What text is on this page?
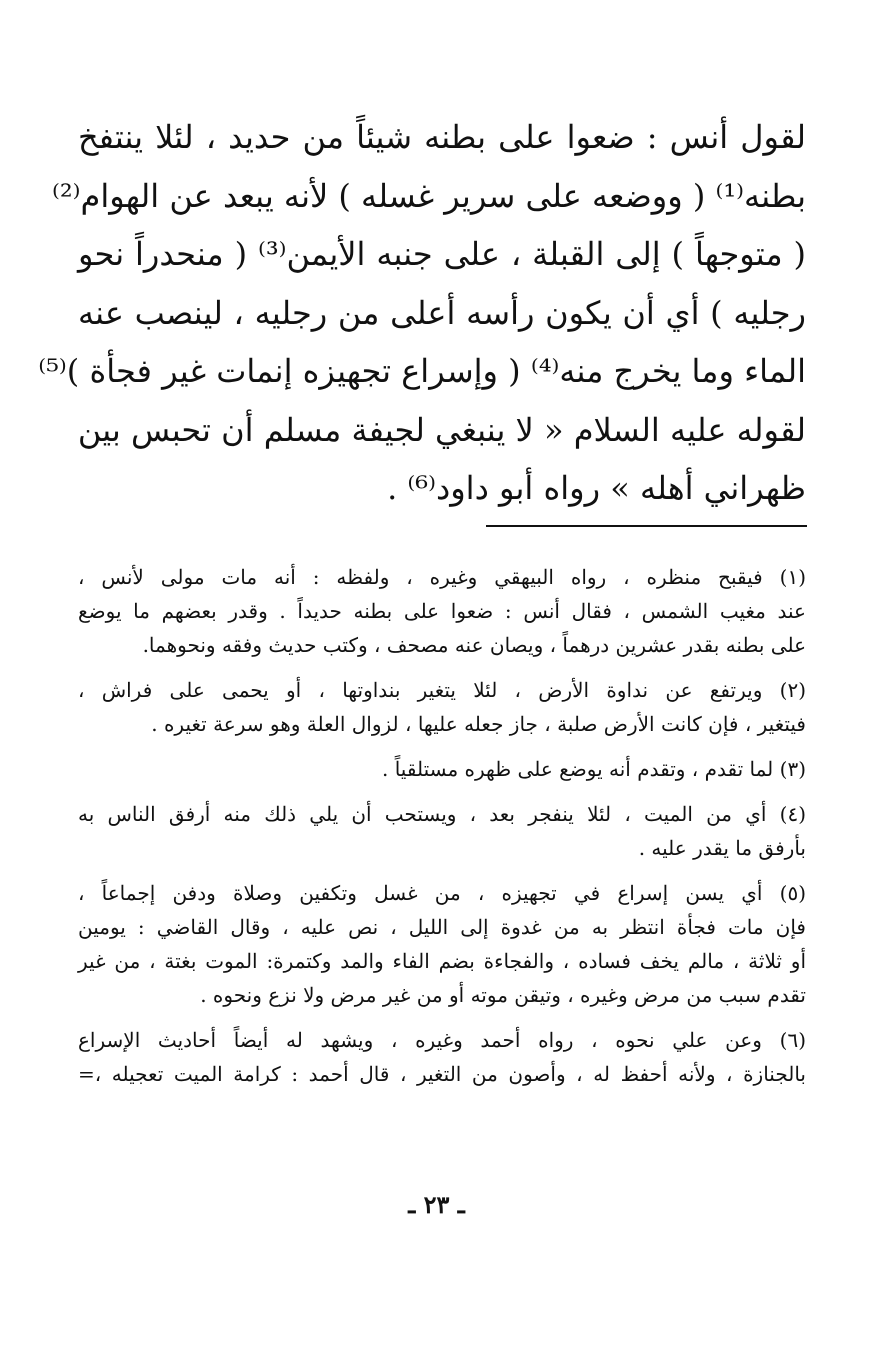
لقول أنس : ضعوا على بطنه شيئاً من حديد ، لئلا ينتفخ
بطنه⁽¹⁾ ( ووضعه على سرير غسله ) لأنه يبعد عن الهوام⁽²⁾
( متوجهاً ) إلى القبلة ، على جنبه الأيمن⁽³⁾ ( منحدراً نحو
رجليه ) أي أن يكون رأسه أعلى من رجليه ، لينصب عنه
الماء وما يخرج منه⁽⁴⁾ ( وإسراع تجهيزه إنمات غير فجأة )⁽⁵⁾
لقوله عليه السلام « لا ينبغي لجيفة مسلم أن تحبس بين
ظهراني أهله » رواه أبو داود⁽⁶⁾ .
(١) فيقبح منظره ، رواه البيهقي وغيره ، ولفظه : أنه مات مولى لأنس ،
عند مغيب الشمس ، فقال أنس : ضعوا على بطنه حديداً . وقدر بعضهم ما يوضع
على بطنه بقدر عشرين درهماً ، ويصان عنه مصحف ، وكتب حديث وفقه ونحوهما.
(٢) ويرتفع عن نداوة الأرض ، لئلا يتغير بنداوتها ، أو يحمى على فراش ،
فيتغير ، فإن كانت الأرض صلبة ، جاز جعله عليها ، لزوال العلة وهو سرعة تغيره .
(٣) لما تقدم ، وتقدم أنه يوضع على ظهره مستلقياً .
(٤) أي من الميت ، لئلا ينفجر بعد ، ويستحب أن يلي ذلك منه أرفق الناس به
بأرفق ما يقدر عليه .
(٥) أي يسن إسراع في تجهيزه ، من غسل وتكفين وصلاة ودفن إجماعاً ،
فإن مات فجأة انتظر به من غدوة إلى الليل ، نص عليه ، وقال القاضي : يومين
أو ثلاثة ، مالم يخف فساده ، والفجاءة بضم الفاء والمد وكتمرة: الموت بغتة ، من غير
تقدم سبب من مرض وغيره ، وتيقن موته أو من غير مرض ولا نزع ونحوه .
(٦) وعن علي نحوه ، رواه أحمد وغيره ، ويشهد له أيضاً أحاديث الإسراع
بالجنازة ، ولأنه أحفظ له ، وأصون من التغير ، قال أحمد : كرامة الميت تعجيله ،=
ـ ٢٣ ـ
